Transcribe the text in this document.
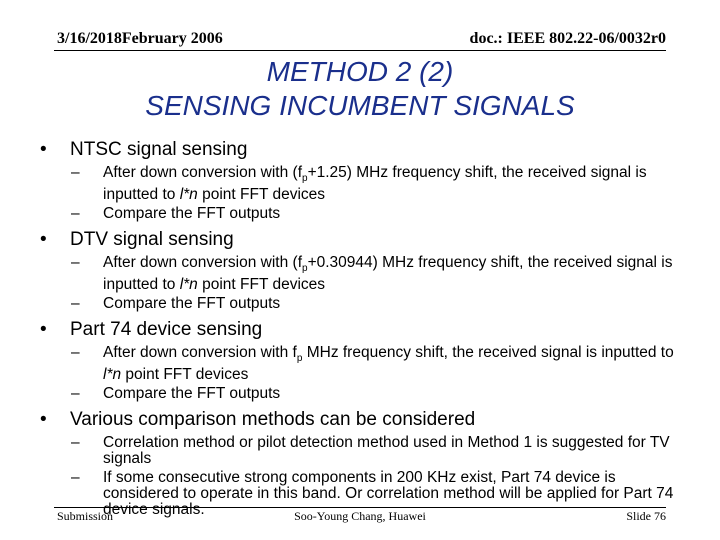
3/16/2018February 2006	doc.: IEEE 802.22-06/0032r0
METHOD 2 (2)
SENSING INCUMBENT SIGNALS
• NTSC signal sensing
– After down conversion with $(f_p+1.25)$ MHz frequency shift, the received signal is inputted to l*n point FFT devices
– Compare the FFT outputs
• DTV signal sensing
– After down conversion with $(f_p+0.30944)$ MHz frequency shift, the received signal is inputted to l*n point FFT devices
– Compare the FFT outputs
• Part 74 device sensing
– After down conversion with $f_p$ MHz frequency shift, the received signal is inputted to l*n point FFT devices
– Compare the FFT outputs
• Various comparison methods can be considered
– Correlation method or pilot detection method used in Method 1 is suggested for TV signals
– If some consecutive strong components in 200 KHz exist, Part 74 device is considered to operate in this band. Or correlation method will be applied for Part 74 device signals.
Submission	Soo-Young Chang, Huawei	Slide 76
